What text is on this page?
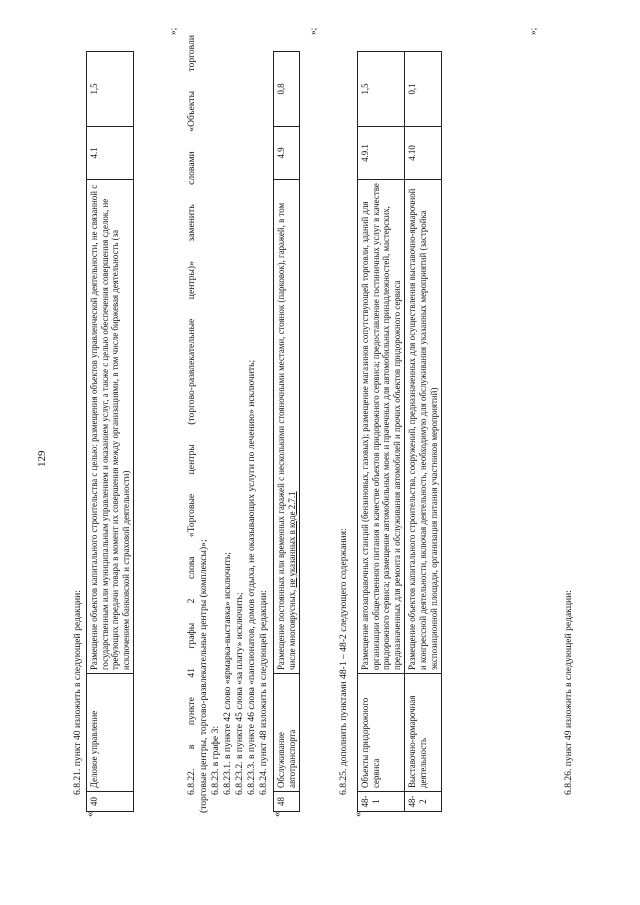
129
6.8.21. пункт 40 изложить в следующей редакции:
«
40	Деловое управление	Размещение объектов капитального строительства с целью: размещения объектов управленческой деятельности, не связанной с государственным или муниципальным управлением и оказанием услуг, а также с целью обеспечения совершения сделок, не требующих передачи товара в момент их совершения между организациями, в том числе биржевая деятельность (за исключением банковской и страховой деятельности)	4.1	1,5
»;
6.8.22. в пункте 41 графы 2 слова «Торговые центры (торгово-развлекательные центры)» заменить словами «Объекты торговли (торговые центры, торгово-развлекательные центры (комплексы)»; 6.8.23. в графе 3: 6.8.23.1. в пункте 42 слово «ярмарка-выставка» исключить; 6.8.23.2. в пункте 45 слова «за плату» исключить; 6.8.23.3. в пункте 46 слова «пансионатов, домов отдыха, не оказывающих услуги по лечению» исключить; 6.8.24. пункт 48 изложить в следующей редакции:
«
48	Обслуживание автотранспорта	Размещение постоянных или временных гаражей с несколькими стояночными местами, стоянок (парковок), гаражей, в том числе многоярусных, не указанных в коде 2.7.1	4.9	0,8
»;
6.8.25. дополнить пунктами 48-1 – 48-2 следующего содержания:
«
48-1	Объекты придорожного сервиса	Размещение автозаправочных станций (бензиновых, газовых); размещение магазинов сопутствующей торговли, зданий для организации общественного питания в качестве объектов придорожного сервиса; предоставление гостиничных услуг в качестве придорожного сервиса; размещение автомобильных моек и прачечных для автомобильных принадлежностей, мастерских, предназначенных для ремонта и обслуживания автомобилей и прочих объектов придорожного сервиса	4.9.1	1,5
48-2	Выставочно-ярмарочная деятельность	Размещение объектов капитального строительства, сооружений, предназначенных для осуществления выставочно-ярмарочной и конгрессной деятельности, включая деятельность, необходимую для обслуживания указанных мероприятий (застройка экспозиционной площади, организация питания участников мероприятий)	4.10	0,1
»;
6.8.26. пункт 49 изложить в следующей редакции:
